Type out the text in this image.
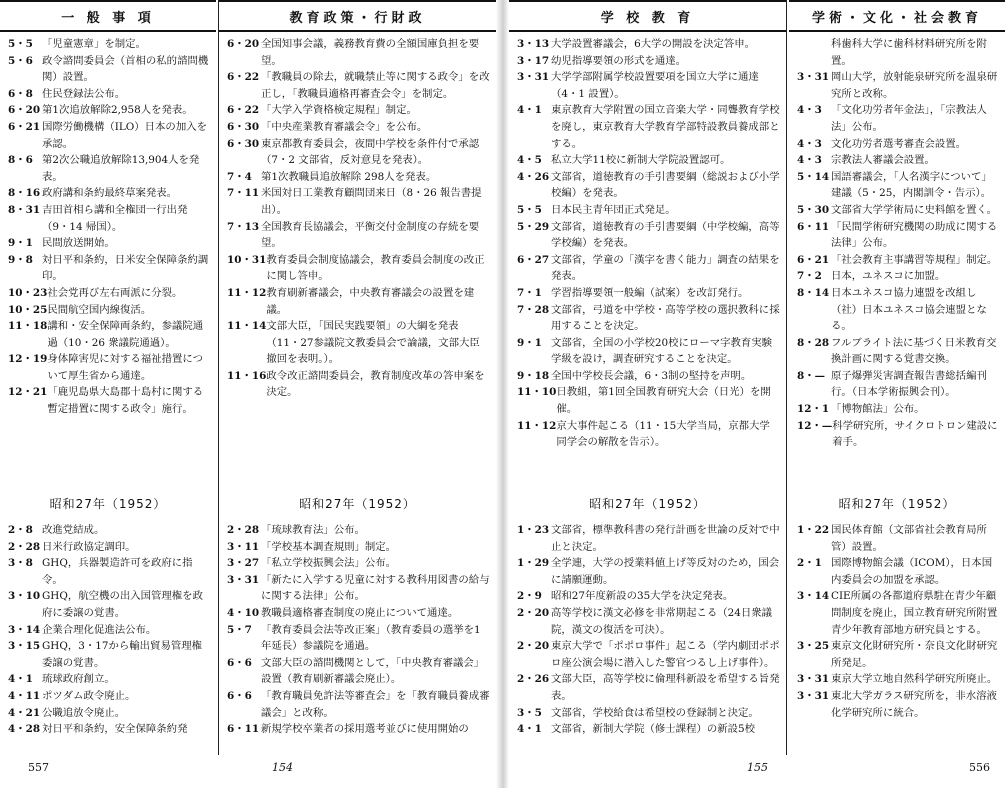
一 般 事 項
5・5 「児童憲章」を制定。
5・6 政令諮問委員会（首相の私的諮問機関）設置。
6・8 住民登録法公布。
6・20 第1次追放解除2,958人を発表。
6・21 国際労働機構（ILO）日本の加入を承認。
8・6 第2次公職追放解除13,904人を発表。
8・16 政府講和条約最終草案発表。
8・31 吉田首相ら講和全権団一行出発（9・14 帰国）。
9・1 民間放送開始。
9・8 対日平和条約，日米安全保障条約調印。
10・23 社会党再び左右両派に分裂。
10・25 民間航空国内線復活。
11・18 講和・安全保障両条約，参議院通過（10・26 衆議院通過）。
12・19 身体障害児に対する福祉措置について厚生省から通達。
12・21 「鹿児島県大島郡十島村に関する暫定措置に関する政令」施行。
昭和27年（1952）
2・8 改進党結成。
2・28 日米行政協定調印。
3・8 GHQ，兵器製造許可を政府に指令。
3・10 GHQ，航空機の出入国管理権を政府に委譲の覚書。
3・14 企業合理化促進法公布。
3・15 GHQ，3・17から輸出貿易管理権委譲の覚書。
4・1 琉球政府創立。
4・11 ポツダム政令廃止。
4・21 公職追放令廃止。
4・28 対日平和条約，安全保障条約発
教育政策・行財政
6・20 全国知事会議，義務教育費の全額国庫負担を要望。
6・22 「教職員の除去，就職禁止等に関する政令」を改正し，「教職員適格再審査会令」を制定。
6・22 「大学入学資格検定規程」制定。
6・30 「中央産業教育審議会令」を公布。
6・30 東京都教育委員会，夜間中学校を条件付で承認（7・2 文部省，反対意見を発表）。
7・4 第1次教職員追放解除 298人を発表。
7・11 米国対日工業教育顧問団来日（8・26 報告書提出）。
7・13 全国教育長協議会，平衡交付金制度の存続を要望。
10・31 教育委員会制度協議会，教育委員会制度の改正に関し答申。
11・12 教育刷新審議会，中央教育審議会の設置を建議。
11・14 文部大臣，「国民実践要領」の大綱を発表（11・27参議院文教委員会で論議，文部大臣撤回を表明。）。
11・16 政令改正諮問委員会，教育制度改革の答申案を決定。
昭和27年（1952）
2・28 「琉球教育法」公布。
3・11 「学校基本調査規則」制定。
3・27 「私立学校振興会法」公布。
3・31 「新たに入学する児童に対する教科用図書の給与に関する法律」公布。
4・10 教職員適格審査制度の廃止について通達。
5・7 「教育委員会法等改正案」（教育委員の選挙を1年延長）参議院を通過。
6・6 文部大臣の諮問機関として，「中央教育審議会」設置（教育刷新審議会廃止）。
6・6 「教育職員免許法等審査会」を「教育職員養成審議会」と改称。
6・11 新規学校卒業者の採用選考並びに使用開始の
557	154
学 校 教 育
3・13 大学設置審議会，6大学の開設を決定答申。
3・17 幼児指導要領の形式を通達。
3・31 大学学部附属学校設置要項を国立大学に通達（4・1 設置）。
4・1 東京教育大学附置の国立音楽大学・同聾教育学校を廃し，東京教育大学教育学部特設教員養成部とする。
4・5 私立大学11校に新制大学院設置認可。
4・26 文部省，道徳教育の手引書要綱（総説および小学校編）を発表。
5・5 日本民主青年団正式発足。
5・29 文部省，道徳教育の手引書要綱（中学校編，高等学校編）を発表。
6・27 文部省，学童の「漢字を書く能力」調査の結果を発表。
7・1 学習指導要領一般編（試案）を改訂発行。
7・28 文部省，弓道を中学校・高等学校の選択教科に採用することを決定。
9・1 文部省，全国の小学校20校にローマ字教育実験学級を設け，調査研究することを決定。
9・18 全国中学校長会議，6・3制の堅持を声明。
11・10 日教組，第1回全国教育研究大会（日光）を開催。
11・12 京大事件起こる（11・15大学当局，京都大学同学会の解散を告示）。
昭和27年（1952）
1・23 文部省，標準教科書の発行計画を世論の反対で中止と決定。
1・29 全学連，大学の授業料値上げ等反対のため，国会に請願運動。
2・9 昭和27年度新設の35大学を決定発表。
2・20 高等学校に漢文必修を非常期起こる（24日衆議院，漢文の復活を可決）。
2・20 東京大学で「ポポロ事件」起こる（学内劇団ポポロ座公演会場に潜入した警官つるし上げ事件）。
2・26 文部大臣，高等学校に倫理科新設を希望する旨発表。
3・5 文部省，学校給食は希望校の登録制と決定。
4・1 文部省，新制大学院（修士課程）の新設5校
学術・文化・社会教育
科歯科大学に歯科材料研究所を附置。
3・31 岡山大学，放射能泉研究所を温泉研究所と改称。
4・3 「文化功労者年金法」，「宗教法人法」公布。
4・3 文化功労者選考審査会設置。
4・3 宗教法人審議会設置。
5・14 国語審議会，「人名漢字について」建議（5・25，内閣訓令・告示）。
5・30 文部省大学学術局に史料館を置く。
6・11 「民間学術研究機関の助成に関する法律」公布。
6・21 「社会教育主事講習等規程」制定。
7・2 日本，ユネスコに加盟。
8・14 日本ユネスコ協力連盟を改組し（社）日本ユネスコ協会連盟となる。
8・28 フルブライト法に基づく日米教育交換計画に関する覚書交換。
8・— 原子爆弾災害調査報告書総括編刊行。（日本学術振興会刊）。
12・1 「博物館法」公布。
12・— 科学研究所，サイクロトロン建設に着手。
昭和27年（1952）
1・22 国民体育館（文部省社会教育局所管）設置。
2・1 国際博物館会議（ICOM），日本国内委員会の加盟を承認。
3・14 CIE所属の各都道府県駐在青少年顧問制度を廃止，国立教育研究所附置青少年教育部地方研究員とする。
3・25 東京文化財研究所・奈良文化財研究所発足。
3・31 東京大学立地自然科学研究所廃止。
3・31 東北大学ガラス研究所を，非水溶液化学研究所に統合。
155	556
